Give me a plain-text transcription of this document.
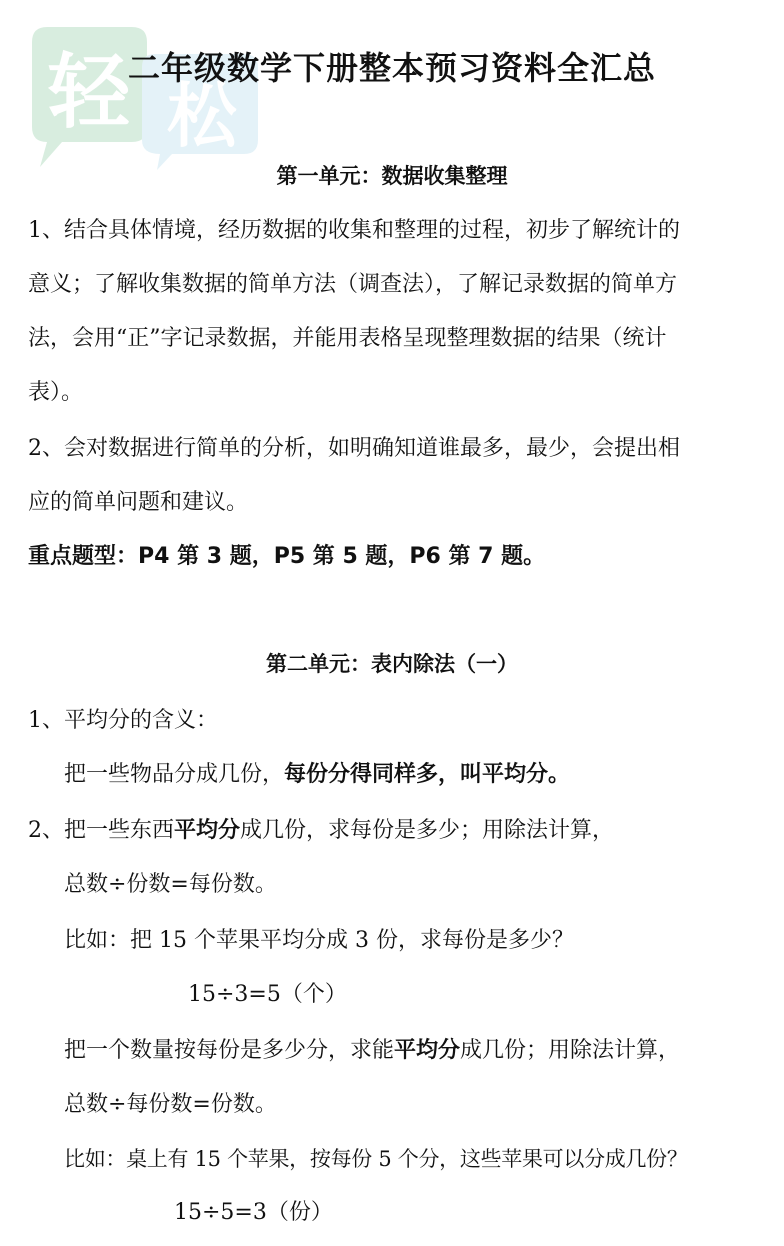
轻 松
二年级数学下册整本预习资料全汇总
第一单元：数据收集整理
1、结合具体情境，经历数据的收集和整理的过程，初步了解统计的
意义；了解收集数据的简单方法（调查法），了解记录数据的简单方
法，会用“正”字记录数据，并能用表格呈现整理数据的结果（统计
表）。
2、会对数据进行简单的分析，如明确知道谁最多，最少，会提出相
应的简单问题和建议。
重点题型：P4 第 3 题，P5 第 5 题，P6 第 7 题。
第二单元：表内除法（一）
1、平均分的含义：
把一些物品分成几份，每份分得同样多，叫平均分。
2、把一些东西平均分成几份，求每份是多少；用除法计算，
总数÷份数=每份数。
比如：把 15 个苹果平均分成 3 份，求每份是多少？
15÷3=5（个）
把一个数量按每份是多少分，求能平均分成几份；用除法计算，
总数÷每份数=份数。
比如：桌上有 15 个苹果，按每份 5 个分，这些苹果可以分成几份？
15÷5=3（份）
